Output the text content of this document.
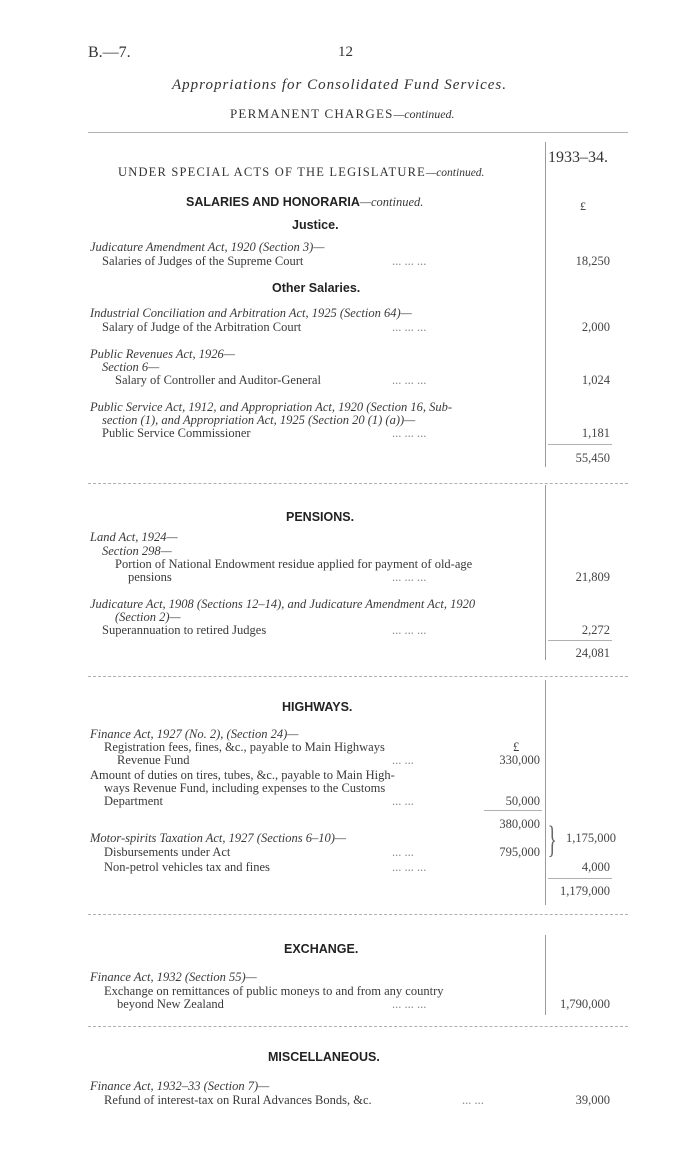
B.—7.	12
Appropriations for Consolidated Fund Services.
PERMANENT CHARGES—continued.
1933–34.
£
UNDER SPECIAL ACTS OF THE LEGISLATURE—continued.
SALARIES AND HONORARIA—continued.
Justice.
Judicature Amendment Act, 1920 (Section 3)—
Salaries of Judges of the Supreme Court	... ... ...	18,250
Other Salaries.
Industrial Conciliation and Arbitration Act, 1925 (Section 64)—
Salary of Judge of the Arbitration Court	... ... ...	2,000
Public Revenues Act, 1926—
Section 6—
Salary of Controller and Auditor-General	... ... ...	1,024
Public Service Act, 1912, and Appropriation Act, 1920 (Section 16, Sub-
section (1), and Appropriation Act, 1925 (Section 20 (1) (a))—
Public Service Commissioner	... ... ...	1,181
55,450
PENSIONS.
Land Act, 1924—
Section 298—
Portion of National Endowment residue applied for payment of old-age
pensions	... ... ...	21,809
Judicature Act, 1908 (Sections 12–14), and Judicature Amendment Act, 1920
(Section 2)—
Superannuation to retired Judges	... ... ...	2,272
24,081
HIGHWAYS.
Finance Act, 1927 (No. 2), (Section 24)—
Registration fees, fines, &c., payable to Main Highways	£
Revenue Fund	... ...	330,000
Amount of duties on tires, tubes, &c., payable to Main High-
ways Revenue Fund, including expenses to the Customs
Department	... ...	50,000
380,000
Motor-spirits Taxation Act, 1927 (Sections 6–10)—
Disbursements under Act	... ...	795,000 } 1,175,000
Non-petrol vehicles tax and fines	... ... ...	4,000
1,179,000
EXCHANGE.
Finance Act, 1932 (Section 55)—
Exchange on remittances of public moneys to and from any country
beyond New Zealand	... ... ...	1,790,000
MISCELLANEOUS.
Finance Act, 1932–33 (Section 7)—
Refund of interest-tax on Rural Advances Bonds, &c.	... ...	39,000
